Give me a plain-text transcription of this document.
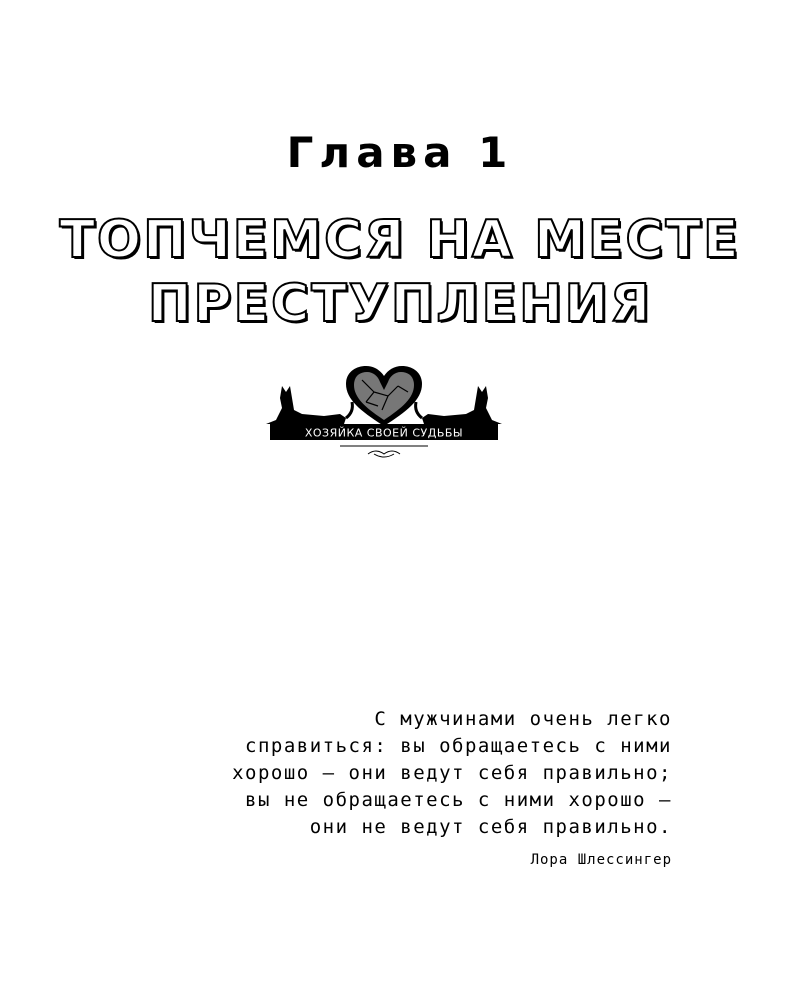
Глава 1
ТОПЧЕМСЯ НА МЕСТЕ
ПРЕСТУПЛЕНИЯ
ХОЗЯЙКА СВОЕЙ СУДЬБЫ
С мужчинами очень легко
справиться: вы обращаетесь с ними
хорошо – они ведут себя правильно;
вы не обращаетесь с ними хорошо –
они не ведут себя правильно.
Лора Шлессингер
